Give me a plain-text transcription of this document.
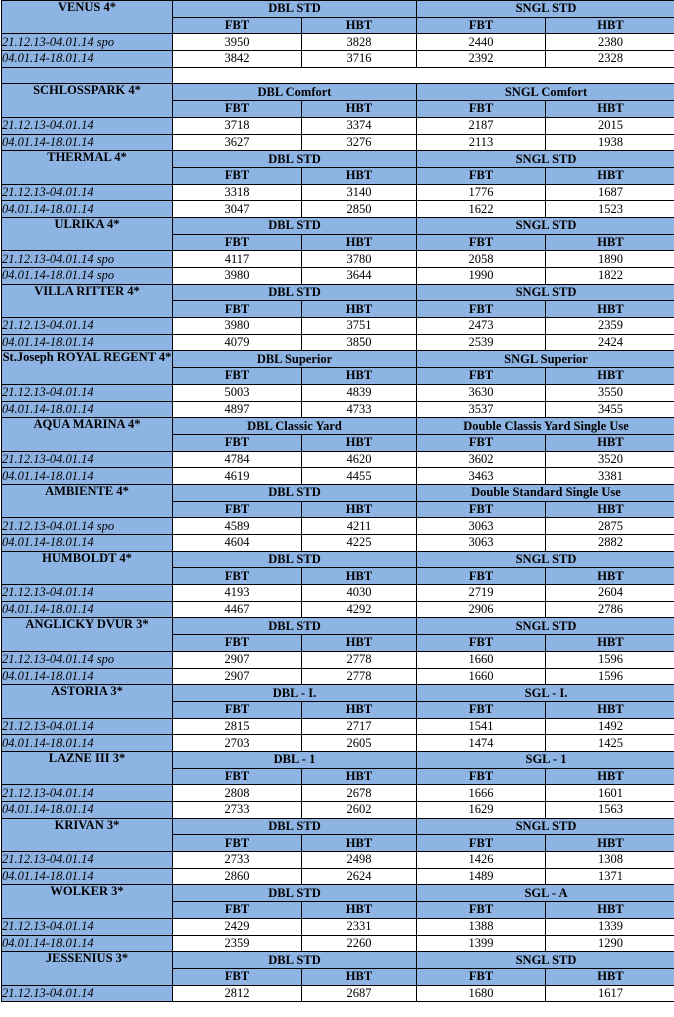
VENUS 4*	DBL STD		SNGL STD	
	FBT	HBT	FBT	HBT
21.12.13-04.01.14 spo	3950	3828	2440	2380
04.01.14-18.01.14	3842	3716	2392	2328

SCHLOSSPARK 4*	DBL Comfort		SNGL Comfort	
	FBT	HBT	FBT	HBT
21.12.13-04.01.14	3718	3374	2187	2015
04.01.14-18.01.14	3627	3276	2113	1938
THERMAL 4*	DBL STD		SNGL STD	
	FBT	HBT	FBT	HBT
21.12.13-04.01.14	3318	3140	1776	1687
04.01.14-18.01.14	3047	2850	1622	1523
ULRIKA 4*	DBL STD		SNGL STD	
	FBT	HBT	FBT	HBT
21.12.13-04.01.14 spo	4117	3780	2058	1890
04.01.14-18.01.14 spo	3980	3644	1990	1822
VILLA RITTER 4*	DBL STD		SNGL STD	
	FBT	HBT	FBT	HBT
21.12.13-04.01.14	3980	3751	2473	2359
04.01.14-18.01.14	4079	3850	2539	2424
St.Joseph ROYAL REGENT 4*	DBL Superior		SNGL Superior	
	FBT	HBT	FBT	HBT
21.12.13-04.01.14	5003	4839	3630	3550
04.01.14-18.01.14	4897	4733	3537	3455
AQUA MARINA 4*	DBL Classic Yard		Double Classis Yard Single Use	
	FBT	HBT	FBT	HBT
21.12.13-04.01.14	4784	4620	3602	3520
04.01.14-18.01.14	4619	4455	3463	3381
AMBIENTE 4*	DBL STD		Double Standard Single Use	
	FBT	HBT	FBT	HBT
21.12.13-04.01.14 spo	4589	4211	3063	2875
04.01.14-18.01.14	4604	4225	3063	2882
HUMBOLDT 4*	DBL STD		SNGL STD	
	FBT	HBT	FBT	HBT
21.12.13-04.01.14	4193	4030	2719	2604
04.01.14-18.01.14	4467	4292	2906	2786
ANGLICKY DVUR 3*	DBL STD		SNGL STD	
	FBT	HBT	FBT	HBT
21.12.13-04.01.14 spo	2907	2778	1660	1596
04.01.14-18.01.14	2907	2778	1660	1596
ASTORIA 3*	DBL - I.		SGL - I.	
	FBT	HBT	FBT	HBT
21.12.13-04.01.14	2815	2717	1541	1492
04.01.14-18.01.14	2703	2605	1474	1425
LAZNE III 3*	DBL - 1		SGL - 1	
	FBT	HBT	FBT	HBT
21.12.13-04.01.14	2808	2678	1666	1601
04.01.14-18.01.14	2733	2602	1629	1563
KRIVAN 3*	DBL STD		SNGL STD	
	FBT	HBT	FBT	HBT
21.12.13-04.01.14	2733	2498	1426	1308
04.01.14-18.01.14	2860	2624	1489	1371
WOLKER 3*	DBL STD		SGL - A	
	FBT	HBT	FBT	HBT
21.12.13-04.01.14	2429	2331	1388	1339
04.01.14-18.01.14	2359	2260	1399	1290
JESSENIUS 3*	DBL STD		SNGL STD	
	FBT	HBT	FBT	HBT
21.12.13-04.01.14	2812	2687	1680	1617
